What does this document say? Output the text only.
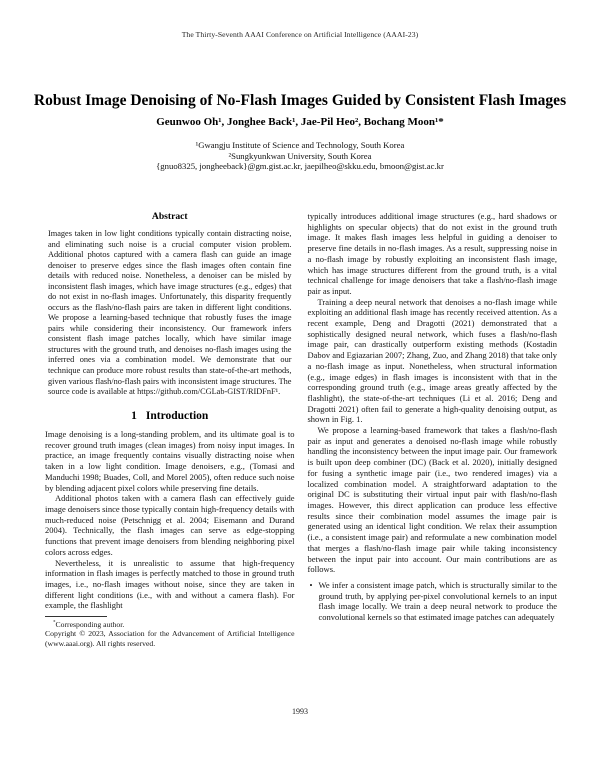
The Thirty-Seventh AAAI Conference on Artificial Intelligence (AAAI-23)
Robust Image Denoising of No-Flash Images Guided by Consistent Flash Images
Geunwoo Oh¹, Jonghee Back¹, Jae-Pil Heo², Bochang Moon¹*
¹Gwangju Institute of Science and Technology, South Korea
²Sungkyunkwan University, South Korea
{gnuo8325, jongheeback}@gm.gist.ac.kr, jaepilheo@skku.edu, bmoon@gist.ac.kr
Abstract

Images taken in low light conditions typically contain distracting noise, and eliminating such noise is a crucial computer vision problem. Additional photos captured with a camera flash can guide an image denoiser to preserve edges since the flash images often contain fine details with reduced noise. Nonetheless, a denoiser can be misled by inconsistent flash images, which have image structures (e.g., edges) that do not exist in no-flash images. Unfortunately, this disparity frequently occurs as the flash/no-flash pairs are taken in different light conditions. We propose a learning-based technique that robustly fuses the image pairs while considering their inconsistency. Our framework infers consistent flash image patches locally, which have similar image structures with the ground truth, and denoises no-flash images using the inferred ones via a combination model. We demonstrate that our technique can produce more robust results than state-of-the-art methods, given various flash/no-flash pairs with inconsistent image structures. The source code is available at https://github.com/CGLab-GIST/RIDFnF¹.

1 Introduction

Image denoising is a long-standing problem, and its ultimate goal is to recover ground truth images (clean images) from noisy input images. In practice, an image frequently contains visually distracting noise when taken in a low light condition. Image denoisers, e.g., (Tomasi and Manduchi 1998; Buades, Coll, and Morel 2005), often reduce such noise by blending adjacent pixel colors while preserving fine details.

Additional photos taken with a camera flash can effectively guide image denoisers since those typically contain high-frequency details with much-reduced noise (Petschnigg et al. 2004; Eisemann and Durand 2004). Technically, the flash images can serve as edge-stopping functions that prevent image denoisers from blending neighboring pixel colors across edges.

Nevertheless, it is unrealistic to assume that high-frequency information in flash images is perfectly matched to those in ground truth images, i.e., no-flash images without noise, since they are taken in different light conditions (i.e., with and without a camera flash). For example, the flashlight

*Corresponding author.

Copyright © 2023, Association for the Advancement of Artificial Intelligence (www.aaai.org). All rights reserved.

typically introduces additional image structures (e.g., hard shadows or highlights on specular objects) that do not exist in the ground truth image. It makes flash images less helpful in guiding a denoiser to preserve fine details in no-flash images. As a result, suppressing noise in a no-flash image by robustly exploiting an inconsistent flash image, which has image structures different from the ground truth, is a vital technical challenge for image denoisers that take a flash/no-flash image pair as input.

Training a deep neural network that denoises a no-flash image while exploiting an additional flash image has recently received attention. As a recent example, Deng and Dragotti (2021) demonstrated that a sophistically designed neural network, which fuses a flash/no-flash image pair, can drastically outperform existing methods (Kostadin Dabov and Egiazarian 2007; Zhang, Zuo, and Zhang 2018) that take only a no-flash image as input. Nonetheless, when structural information (e.g., image edges) in flash images is inconsistent with that in the corresponding ground truth (e.g., image areas greatly affected by the flashlight), the state-of-the-art techniques (Li et al. 2016; Deng and Dragotti 2021) often fail to generate a high-quality denoising output, as shown in Fig. 1.

We propose a learning-based framework that takes a flash/no-flash pair as input and generates a denoised no-flash image while robustly handling the inconsistency between the input image pair. Our framework is built upon deep combiner (DC) (Back et al. 2020), initially designed for fusing a synthetic image pair (i.e., two rendered images) via a localized combination model. A straightforward adaptation to the original DC is substituting their virtual input pair with flash/no-flash images. However, this direct application can produce less effective results since their combination model assumes the image pair is generated using an identical light condition. We relax their assumption (i.e., a consistent image pair) and reformulate a new combination model that merges a flash/no-flash image pair while taking inconsistency between the input pair into account. Our main contributions are as follows.

• We infer a consistent image patch, which is structurally similar to the ground truth, by applying per-pixel convolutional kernels to an input flash image locally. We train a deep neural network to produce the convolutional kernels so that estimated image patches can adequately
1993
